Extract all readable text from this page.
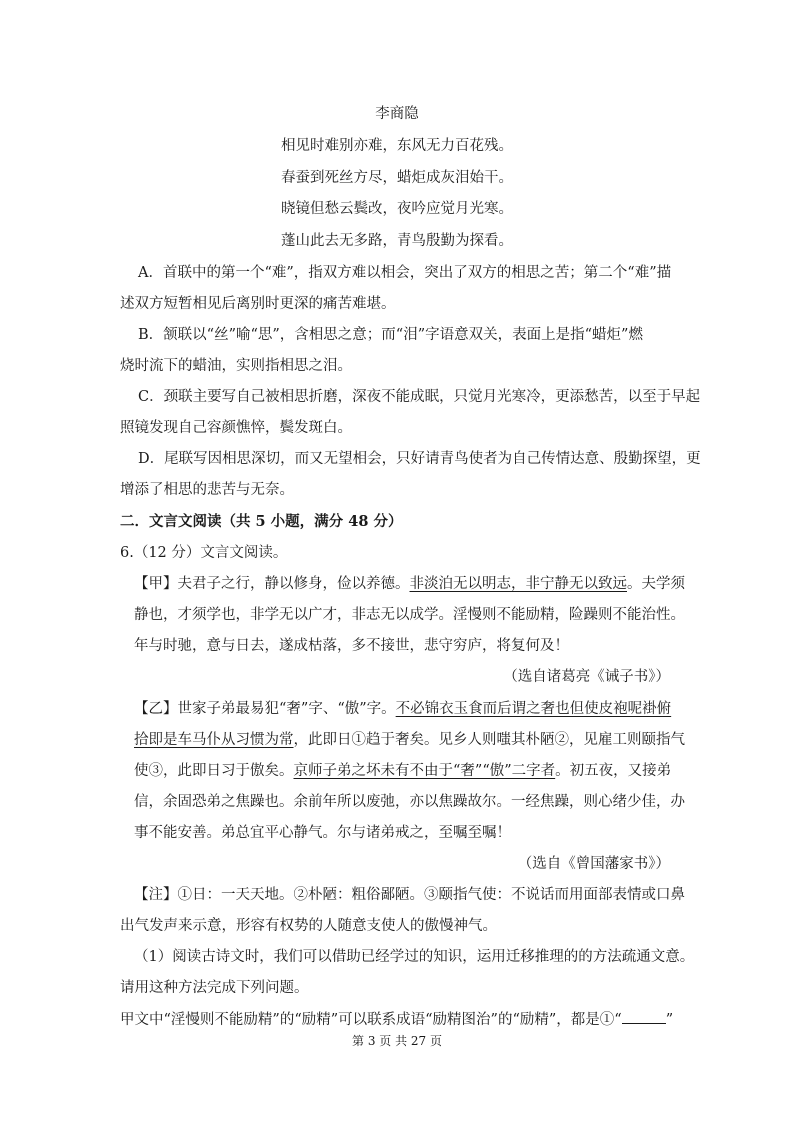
李商隐
相见时难别亦难，东风无力百花残。
春蚕到死丝方尽，蜡炬成灰泪始干。
晓镜但愁云鬓改，夜吟应觉月光寒。
蓬山此去无多路，青鸟殷勤为探看。
A．首联中的第一个“难”，指双方难以相会，突出了双方的相思之苦；第二个“难”描
述双方短暂相见后离别时更深的痛苦难堪。
B．颔联以“丝”喻“思”，含相思之意；而“泪”字语意双关，表面上是指“蜡炬”燃
烧时流下的蜡油，实则指相思之泪。
C．颈联主要写自己被相思折磨，深夜不能成眠，只觉月光寒冷，更添愁苦，以至于早起
照镜发现自己容颜憔悴，鬓发斑白。
D．尾联写因相思深切，而又无望相会，只好请青鸟使者为自己传情达意、殷勤探望，更
增添了相思的悲苦与无奈。
二．文言文阅读（共 5 小题，满分 48 分）
6.（12 分）文言文阅读。
【甲】夫君子之行，静以修身，俭以养德。非淡泊无以明志，非宁静无以致远。夫学须
静也，才须学也，非学无以广才，非志无以成学。淫慢则不能励精，险躁则不能治性。
年与时驰，意与日去，遂成枯落，多不接世，悲守穷庐，将复何及！
（选自诸葛亮《诫子书》）
【乙】世家子弟最易犯“奢”字、“傲”字。不必锦衣玉食而后谓之奢也但使皮袍呢褂俯
拾即是车马仆从习惯为常，此即日①趋于奢矣。见乡人则嗤其朴陋②，见雇工则颐指气
使③，此即日习于傲矣。京师子弟之坏未有不由于“奢”“傲”二字者。初五夜，又接弟
信，余固恐弟之焦躁也。余前年所以废弛，亦以焦躁故尔。一经焦躁，则心绪少佳，办
事不能安善。弟总宜平心静气。尔与诸弟戒之，至嘱至嘱！
（选自《曾国藩家书》）
【注】①日：一天天地。②朴陋：粗俗鄙陋。③颐指气使：不说话而用面部表情或口鼻
出气发声来示意，形容有权势的人随意支使人的傲慢神气。
（1）阅读古诗文时，我们可以借助已经学过的知识，运用迁移推理的的方法疏通文意。
请用这种方法完成下列问题。
甲文中“淫慢则不能励精”的“励精”可以联系成语“励精图治”的“励精”，都是①“	”
第 3 页 共 27 页
